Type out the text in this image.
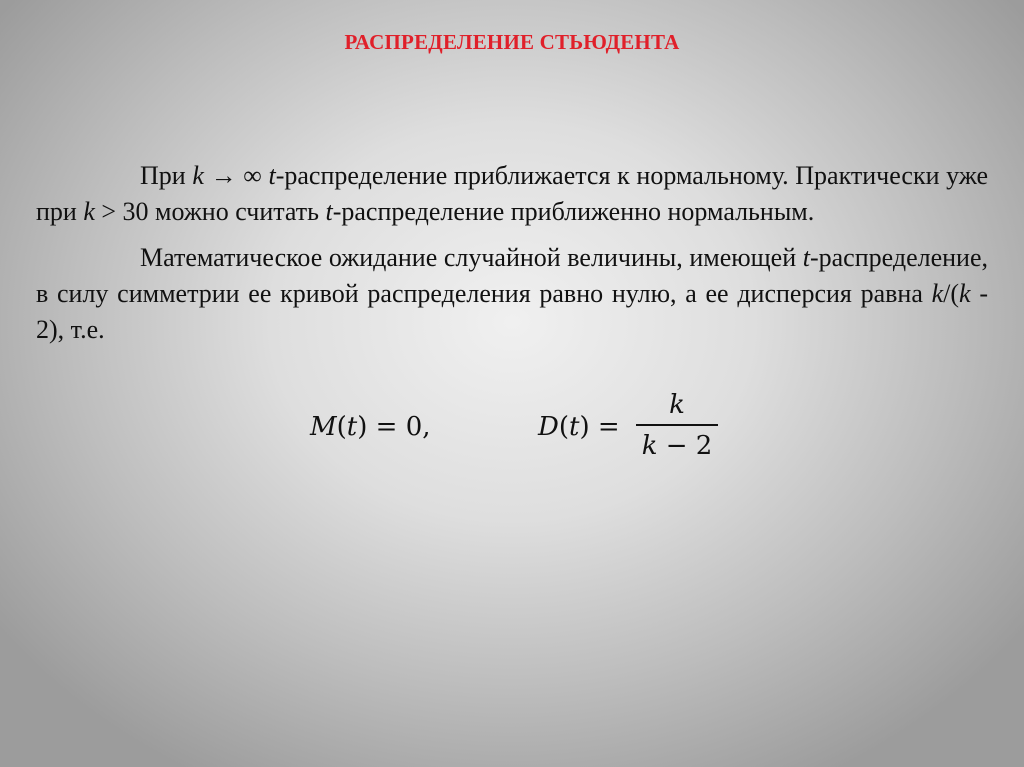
РАСПРЕДЕЛЕНИЕ СТЬЮДЕНТА

При k → ∞ t-распределение приближается к нормальному. Практически уже при k > 30 можно считать t-распределение приближенно нормальным.

Математическое ожидание случайной величины, имеющей t-распределение, в силу симметрии ее кривой распределения равно нулю, а ее дисперсия равна k/(k - 2), т.е.

M(t) = 0,	D(t) =
k
k − 2
